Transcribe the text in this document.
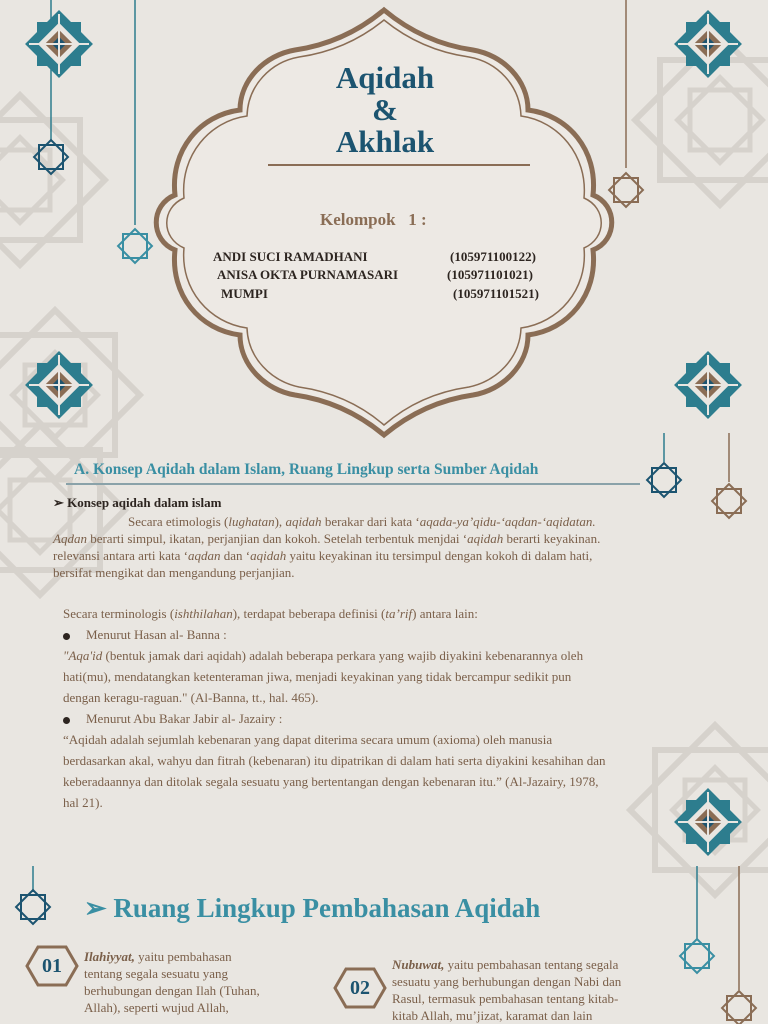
Aqidah
&
Akhlak
Kelompok   1 :
ANDI SUCI RAMADHANI	(105971100122)
ANISA OKTA PURNAMASARI	(105971101021)
MUMPI	(105971101521)
A. Konsep Aqidah dalam Islam, Ruang Lingkup serta Sumber Aqidah
➢ Konsep aqidah dalam islam
Secara etimologis (lughatan), aqidah berakar dari kata ‘aqada-ya’qidu-‘aqdan-‘aqidatan.
Aqdan berarti simpul, ikatan, perjanjian dan kokoh. Setelah terbentuk menjdai ‘aqidah berarti keyakinan.
relevansi antara arti kata ‘aqdan dan ‘aqidah yaitu keyakinan itu tersimpul dengan kokoh di dalam hati,
bersifat mengikat dan mengandung perjanjian.
Secara terminologis (ishthilahan), terdapat beberapa definisi (ta’rif) antara lain:
Menurut Hasan al- Banna :
"Aqa'id (bentuk jamak dari aqidah) adalah beberapa perkara yang wajib diyakini kebenarannya oleh
hati(mu), mendatangkan ketenteraman jiwa, menjadi keyakinan yang tidak bercampur sedikit pun
dengan keragu-raguan." (Al-Banna, tt., hal. 465).
Menurut Abu Bakar Jabir al- Jazairy :
“Aqidah adalah sejumlah kebenaran yang dapat diterima secara umum (axioma) oleh manusia
berdasarkan akal, wahyu dan fitrah (kebenaran) itu dipatrikan di dalam hati serta diyakini kesahihan dan
keberadaannya dan ditolak segala sesuatu yang bertentangan dengan kebenaran itu.” (Al-Jazairy, 1978,
hal 21).
➢ Ruang Lingkup Pembahasan Aqidah
01 Ilahiyyat, yaitu pembahasan
tentang segala sesuatu yang
berhubungan dengan Ilah (Tuhan,
Allah), seperti wujud Allah,
02
Nubuwat, yaitu pembahasan tentang segala
sesuatu yang berhubungan dengan Nabi dan
Rasul, termasuk pembahasan tentang kitab-
kitab Allah, mu’jizat, karamat dan lain
